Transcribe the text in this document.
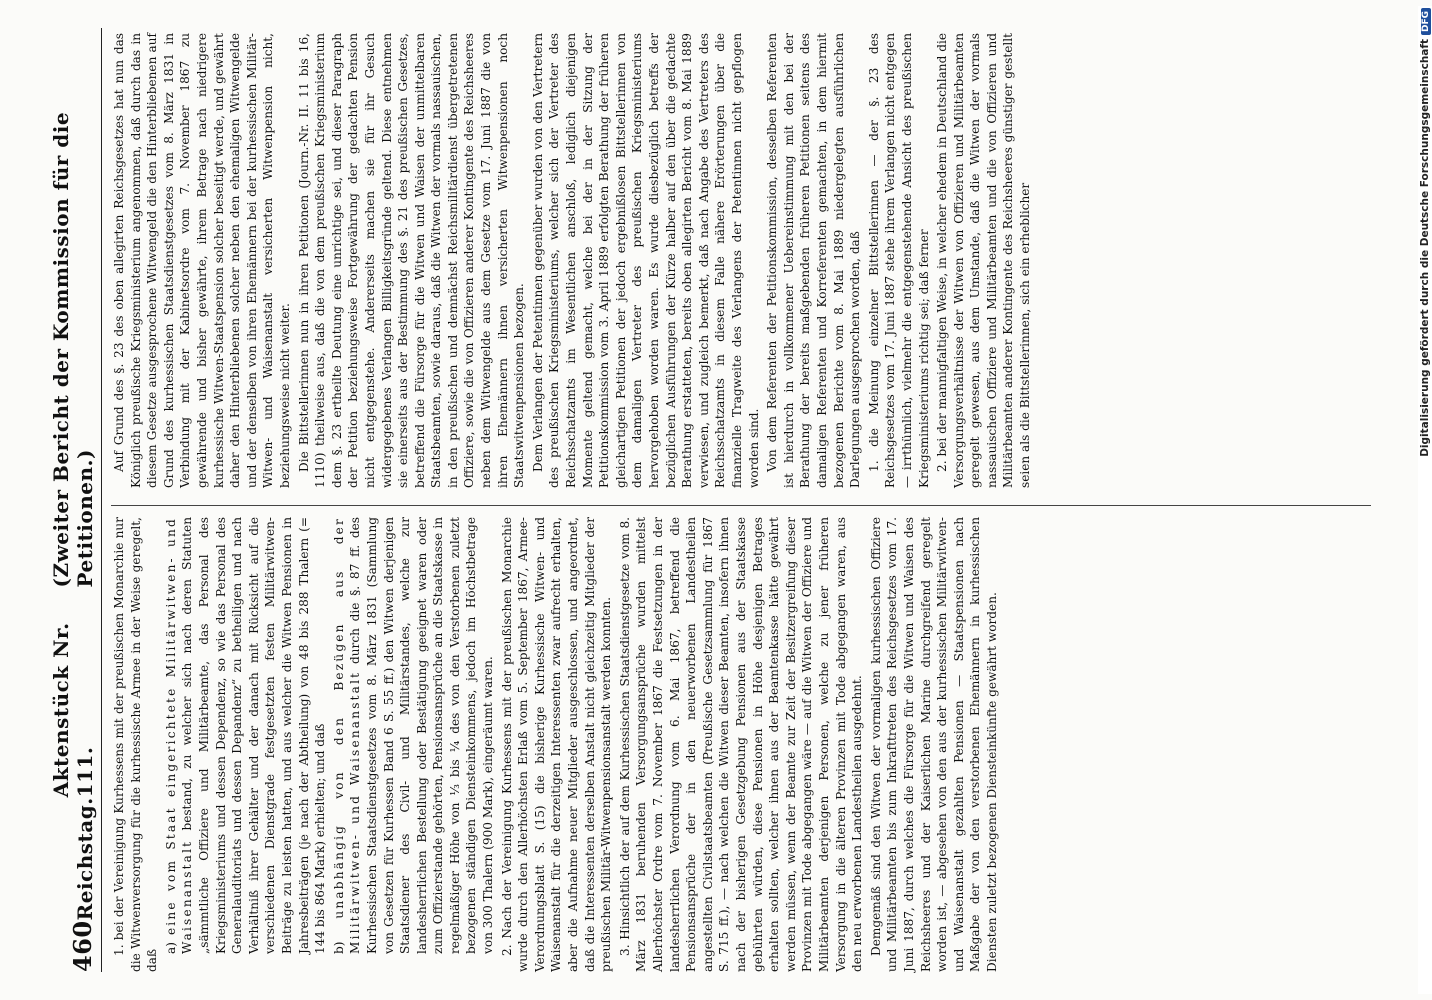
460
Reichstag.
Aktenstück Nr. 111.
(Zweiter Bericht der Kommission für die Petitionen.) 1. bei der Vereinigung Kurhessens mit der preußischen Monarchie nur die Witwenversorgung für die kurhessische Armee in der Weise geregelt, daß

a) eine vom Staat eingerichtete Militärwitwen- und Waisenanstalt bestand, zu welcher sich nach deren Statuten „sämmtliche Offiziere und Militärbeamte, das Personal des Kriegsministeriums und dessen Dependenz, so wie das Personal des Generalauditoriats und dessen Depandenz“ zu betheiligen und nach Verhältniß ihrer Gehälter und der danach mit Rücksicht auf die verschiedenen Dienstgrade festgesetzten festen Militärwitwen-Beiträge zu leisten hatten, und aus welcher die Witwen Pensionen in Jahresbeiträgen (je nach der Abtheilung) von 48 bis 288 Thalern (= 144 bis 864 Mark) erhielten; und daß b) unabhängig von den Bezügen aus der Militärwitwen- und Waisenanstalt durch die §. 87 ff. des Kurhessischen Staatsdienstgesetzes vom 8. März 1831 (Sammlung von Gesetzen für Kurhessen Band 6 S. 55 ff.) den Witwen derjenigen Staatsdiener des Civil- und Militärstandes, welche zur landesherrlichen Bestellung oder Bestätigung geeignet waren oder zum Offizierstande gehörten, Pensionsansprüche an die Staatskasse in regelmäßiger Höhe von ⅓ bis ¼ des von den Verstorbenen zuletzt bezogenen ständigen Diensteinkommens, jedoch im Höchstbetrage von 300 Thalern (900 Mark), eingeräumt waren. 2. Nach der Vereinigung Kurhessens mit der preußischen Monarchie wurde durch den Allerhöchsten Erlaß vom 5. September 1867, Armee-Verordnungsblatt S. (15) die bisherige Kurhessische Witwen- und Waisenanstalt für die derzeitigen Interessenten zwar aufrecht erhalten, aber die Aufnahme neuer Mitglieder ausgeschlossen, und angeordnet, daß die Interessenten derselben Anstalt nicht gleichzeitig Mitglieder der preußischen Militär-Witwenpensionsanstalt werden konnten. 3. Hinsichtlich der auf dem Kurhessischen Staatsdienstgesetze vom 8. März 1831 beruhenden Versorgungsansprüche wurden mittelst Allerhöchster Ordre vom 7. November 1867 die Festsetzungen in der landesherrlichen Verordnung vom 6. Mai 1867, betreffend die Pensionsansprüche der in den neuerworbenen Landestheilen angestellten Civilstaatsbeamten (Preußische Gesetzsammlung für 1867 S. 715 ff.), — nach welchen die Witwen dieser Beamten, insofern ihnen nach der bisherigen Gesetzgebung Pensionen aus der Staatskasse gebührten würden, diese Pensionen in Höhe desjenigen Betrages erhalten sollten, welcher ihnen aus der Beamtenkasse hätte gewährt werden müssen, wenn der Beamte zur Zeit der Besitzergreifung dieser Provinzen mit Tode abgegangen wäre — auf die Witwen der Offiziere und Militärbeamten derjenigen Personen, welche zu jener früheren Versorgung in die älteren Provinzen mit Tode abgegangen waren, aus den neu erworbenen Landestheilen ausgedehnt. Demgemäß sind den Witwen der vormaligen kurhessischen Offiziere und Militärbeamten bis zum Inkrafttreten des Reichsgesetzes vom 17. Juni 1887, durch welches die Fürsorge für die Witwen und Waisen des Reichsheeres und der Kaiserlichen Marine durchgreifend geregelt worden ist, — abgesehen von den aus der kurhessischen Militärwitwen- und Waisenanstalt gezahlten Pensionen — Staatspensionen nach Maßgabe der von den verstorbenen Ehemännern in kurhessischen Diensten zuletzt bezogenen Diensteinkünfte gewährt worden.

Auf Grund des §. 23 des oben allegirten Reichsgesetzes hat nun das Königlich preußische Kriegsministerium angenommen, daß durch das in diesem Gesetze ausgesprochene Witwengeld die den Hinterbliebenen auf Grund des kurhessischen Staatsdienstgesetzes vom 8. März 1831 in Verbindung mit der Kabinetsordre vom 7. November 1867 zu gewährende und bisher gewährte, ihrem Betrage nach niedrigere kurhessische Witwen-Staatspension solcher beseitigt werde, und gewährt daher den Hinterbliebenen solcher neben den ehemaligen Witwengelde und der denselben von ihren Ehemännern bei der kurhessischen Militär-Witwen- und Waisenanstalt versicherten Witwenpension nicht, beziehungsweise nicht weiter. Die Bittstellerinnen nun in ihren Petitionen (Journ.-Nr. II. 11 bis 16, 1110) theilweise aus, daß die von dem preußischen Kriegsministerium dem §. 23 ertheilte Deutung eine unrichtige sei, und dieser Paragraph der Petition beziehungsweise Fortgewährung der gedachten Pension nicht entgegenstehe. Andererseits machen sie für ihr Gesuch widergegebenes Verlangen Billigkeitsgründe geltend. Diese entnehmen sie einerseits aus der Bestimmung des §. 21 des preußischen Gesetzes, betreffend die Fürsorge für die Witwen und Waisen der unmittelbaren Staatsbeamten, sowie daraus, daß die Witwen der vormals nassauischen, in den preußischen und demnächst Reichsmilitärdienst übergetretenen Offiziere, sowie die von Offizieren anderer Kontingente des Reichsheeres neben dem Witwengelde aus dem Gesetze vom 17. Juni 1887 die von ihren Ehemännern ihnen versicherten Witwenpensionen noch Staatswitwenpensionen bezogen. Dem Verlangen der Petentinnen gegenüber wurden von den Vertretern des preußischen Kriegsministeriums, welcher sich der Vertreter des Reichsschatzamts im Wesentlichen anschloß, lediglich diejenigen Momente geltend gemacht, welche bei der in der Sitzung der Petitionskommission vom 3. April 1889 erfolgten Berathung der früheren gleichartigen Petitionen der jedoch ergebnißlosen Bittstellerinnen von dem damaligen Vertreter des preußischen Kriegsministeriums hervorgehoben worden waren. Es wurde diesbezüglich betreffs der bezüglichen Ausführungen der Kürze halber auf den über die gedachte Berathung erstatteten, bereits oben allegirten Bericht vom 8. Mai 1889 verwiesen, und zugleich bemerkt, daß nach Angabe des Vertreters des Reichsschatzamts in diesem Falle nähere Erörterungen über die finanzielle Tragweite des Verlangens der Petentinnen nicht gepflogen worden sind. Von dem Referenten der Petitionskommission, desselben Referenten ist hierdurch in vollkommener Uebereinstimmung mit den bei der Berathung der bereits maßgebenden früheren Petitionen seitens des damaligen Referenten und Korreferenten gemachten, in dem hiermit bezogenen Berichte vom 8. Mai 1889 niedergelegten ausführlichen Darlegungen ausgesprochen worden, daß 1. die Meinung einzelner Bittstellerinnen — der §. 23 des Reichsgesetzes vom 17. Juni 1887 stehe ihrem Verlangen nicht entgegen — irrthümlich, vielmehr die entgegenstehende Ansicht des preußischen Kriegsministeriums richtig sei; daß ferner 2. bei der mannigfaltigen Weise, in welcher ehedem in Deutschland die Versorgungsverhältnisse der Witwen von Offizieren und Militärbeamten geregelt gewesen, aus dem Umstande, daß die Witwen der vormals nassauischen Offiziere und Militärbeamten und die von Offizieren und Militärbeamten anderer Kontingente des Reichsheeres günstiger gestellt seien als die Bittstellerinnen, sich ein erheblicher	Digitalisierung gefördert durch die Deutsche ForschungsgemeinschaftDFG
